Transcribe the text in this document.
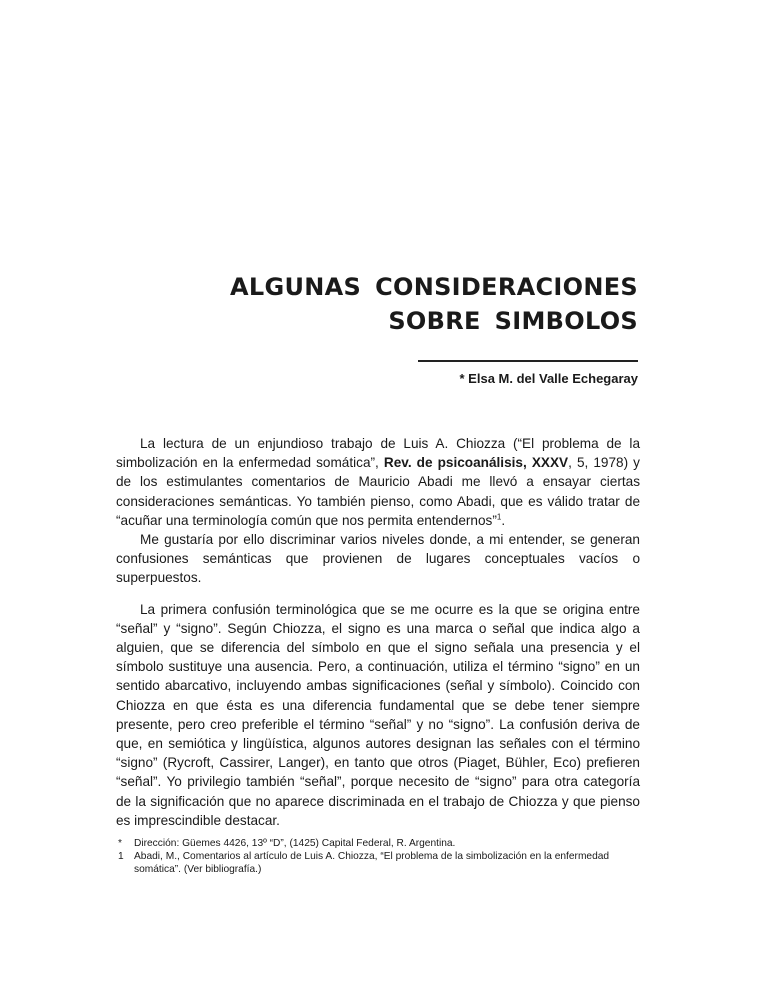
ALGUNAS CONSIDERACIONES
SOBRE SIMBOLOS
* Elsa M. del Valle Echegaray

La lectura de un enjundioso trabajo de Luis A. Chiozza (“El problema de la simbolización en la enfermedad somática”, Rev. de psicoanálisis, XXXV, 5, 1978) y de los estimulantes comentarios de Mauricio Abadi me llevó a ensayar ciertas consideraciones semánticas. Yo también pienso, como Abadi, que es válido tratar de “acuñar una terminología común que nos permita entendernos”$^1$.

Me gustaría por ello discriminar varios niveles donde, a mi entender, se generan confusiones semánticas que provienen de lugares conceptuales vacíos o superpuestos.

La primera confusión terminológica que se me ocurre es la que se origina entre “señal” y “signo”. Según Chiozza, el signo es una marca o señal que indica algo a alguien, que se diferencia del símbolo en que el signo señala una presencia y el símbolo sustituye una ausencia. Pero, a continuación, utiliza el término “signo” en un sentido abarcativo, incluyendo ambas significaciones (señal y símbolo). Coincido con Chiozza en que ésta es una diferencia fundamental que se debe tener siempre presente, pero creo preferible el término “señal” y no “signo”. La confusión deriva de que, en semiótica y lingüística, algunos autores designan las señales con el término “signo” (Rycroft, Cassirer, Langer), en tanto que otros (Piaget, Bühler, Eco) prefieren “señal”. Yo privilegio también “señal”, porque necesito de “signo” para otra categoría de la significación que no aparece discriminada en el trabajo de Chiozza y que pienso es imprescindible destacar.

* Dirección: Güemes 4426, 13º “D”, (1425) Capital Federal, R. Argentina.

1 Abadi, M., Comentarios al artículo de Luis A. Chiozza, “El problema de la simbolización en la enfermedad somática”. (Ver bibliografía.)
